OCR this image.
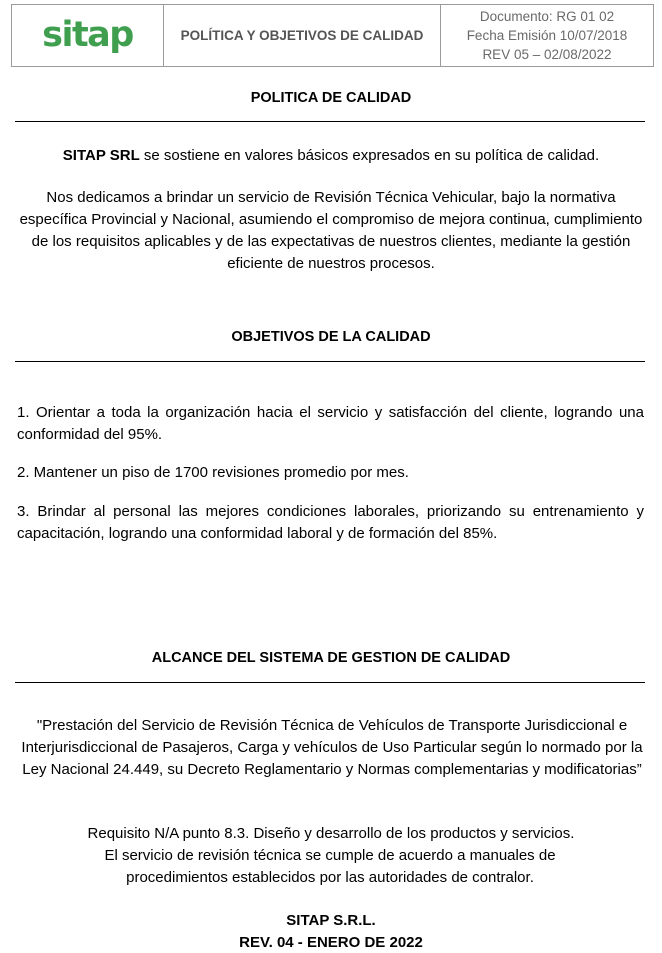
sitap	POLÍTICA Y OBJETIVOS DE CALIDAD	
Documento: RG 01 02
Fecha Emisión 10/07/2018
REV 05 – 02/08/2022
POLITICA DE CALIDAD
SITAP SRL se sostiene en valores básicos expresados en su política de calidad.
Nos dedicamos a brindar un servicio de Revisión Técnica Vehicular, bajo la normativa específica Provincial y Nacional, asumiendo el compromiso de mejora continua, cumplimiento de los requisitos aplicables y de las expectativas de nuestros clientes, mediante la gestión eficiente de nuestros procesos.
OBJETIVOS DE LA CALIDAD
1. Orientar a toda la organización hacia el servicio y satisfacción del cliente, logrando una conformidad del 95%.
2. Mantener un piso de 1700 revisiones promedio por mes.
3. Brindar al personal las mejores condiciones laborales, priorizando su entrenamiento y capacitación, logrando una conformidad laboral y de formación del 85%.
ALCANCE DEL SISTEMA DE GESTION DE CALIDAD
"Prestación del Servicio de Revisión Técnica de Vehículos de Transporte Jurisdiccional e Interjurisdiccional de Pasajeros, Carga y vehículos de Uso Particular según lo normado por la Ley Nacional 24.449, su Decreto Reglamentario y Normas complementarias y modificatorias”
Requisito N/A punto 8.3. Diseño y desarrollo de los productos y servicios.
El servicio de revisión técnica se cumple de acuerdo a manuales de procedimientos establecidos por las autoridades de contralor.
SITAP S.R.L.
REV. 04 - ENERO DE 2022
